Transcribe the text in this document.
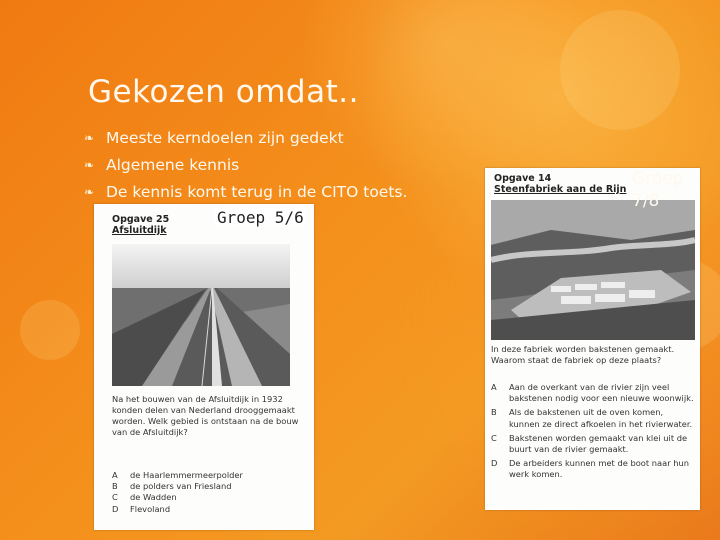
Gekozen omdat..
❧ Meeste kerndoelen zijn gedekt
❧ Algemene kennis
❧ De kennis komt terug in de CITO toets.
Opgave 25
Afsluitdijk

Na het bouwen van de Afsluitdijk in 1932 konden delen van Nederland drooggemaakt worden. Welk gebied is ontstaan na de bouw van de Afsluitdijk?

A	de Haarlemmermeerpolder
B	de polders van Friesland
C	de Wadden
D	Flevoland
Groep 5/6
Opgave 14
Steenfabriek aan de Rijn

In deze fabriek worden bakstenen gemaakt. Waarom staat de fabriek op deze plaats?

A	Aan de overkant van de rivier zijn veel bakstenen nodig voor een nieuwe woonwijk.
B	Als de bakstenen uit de oven komen, kunnen ze direct afkoelen in het rivierwater.
C	Bakstenen worden gemaakt van klei uit de buurt van de rivier gemaakt.
D	De arbeiders kunnen met de boot naar hun werk komen.
Groep
7/8
